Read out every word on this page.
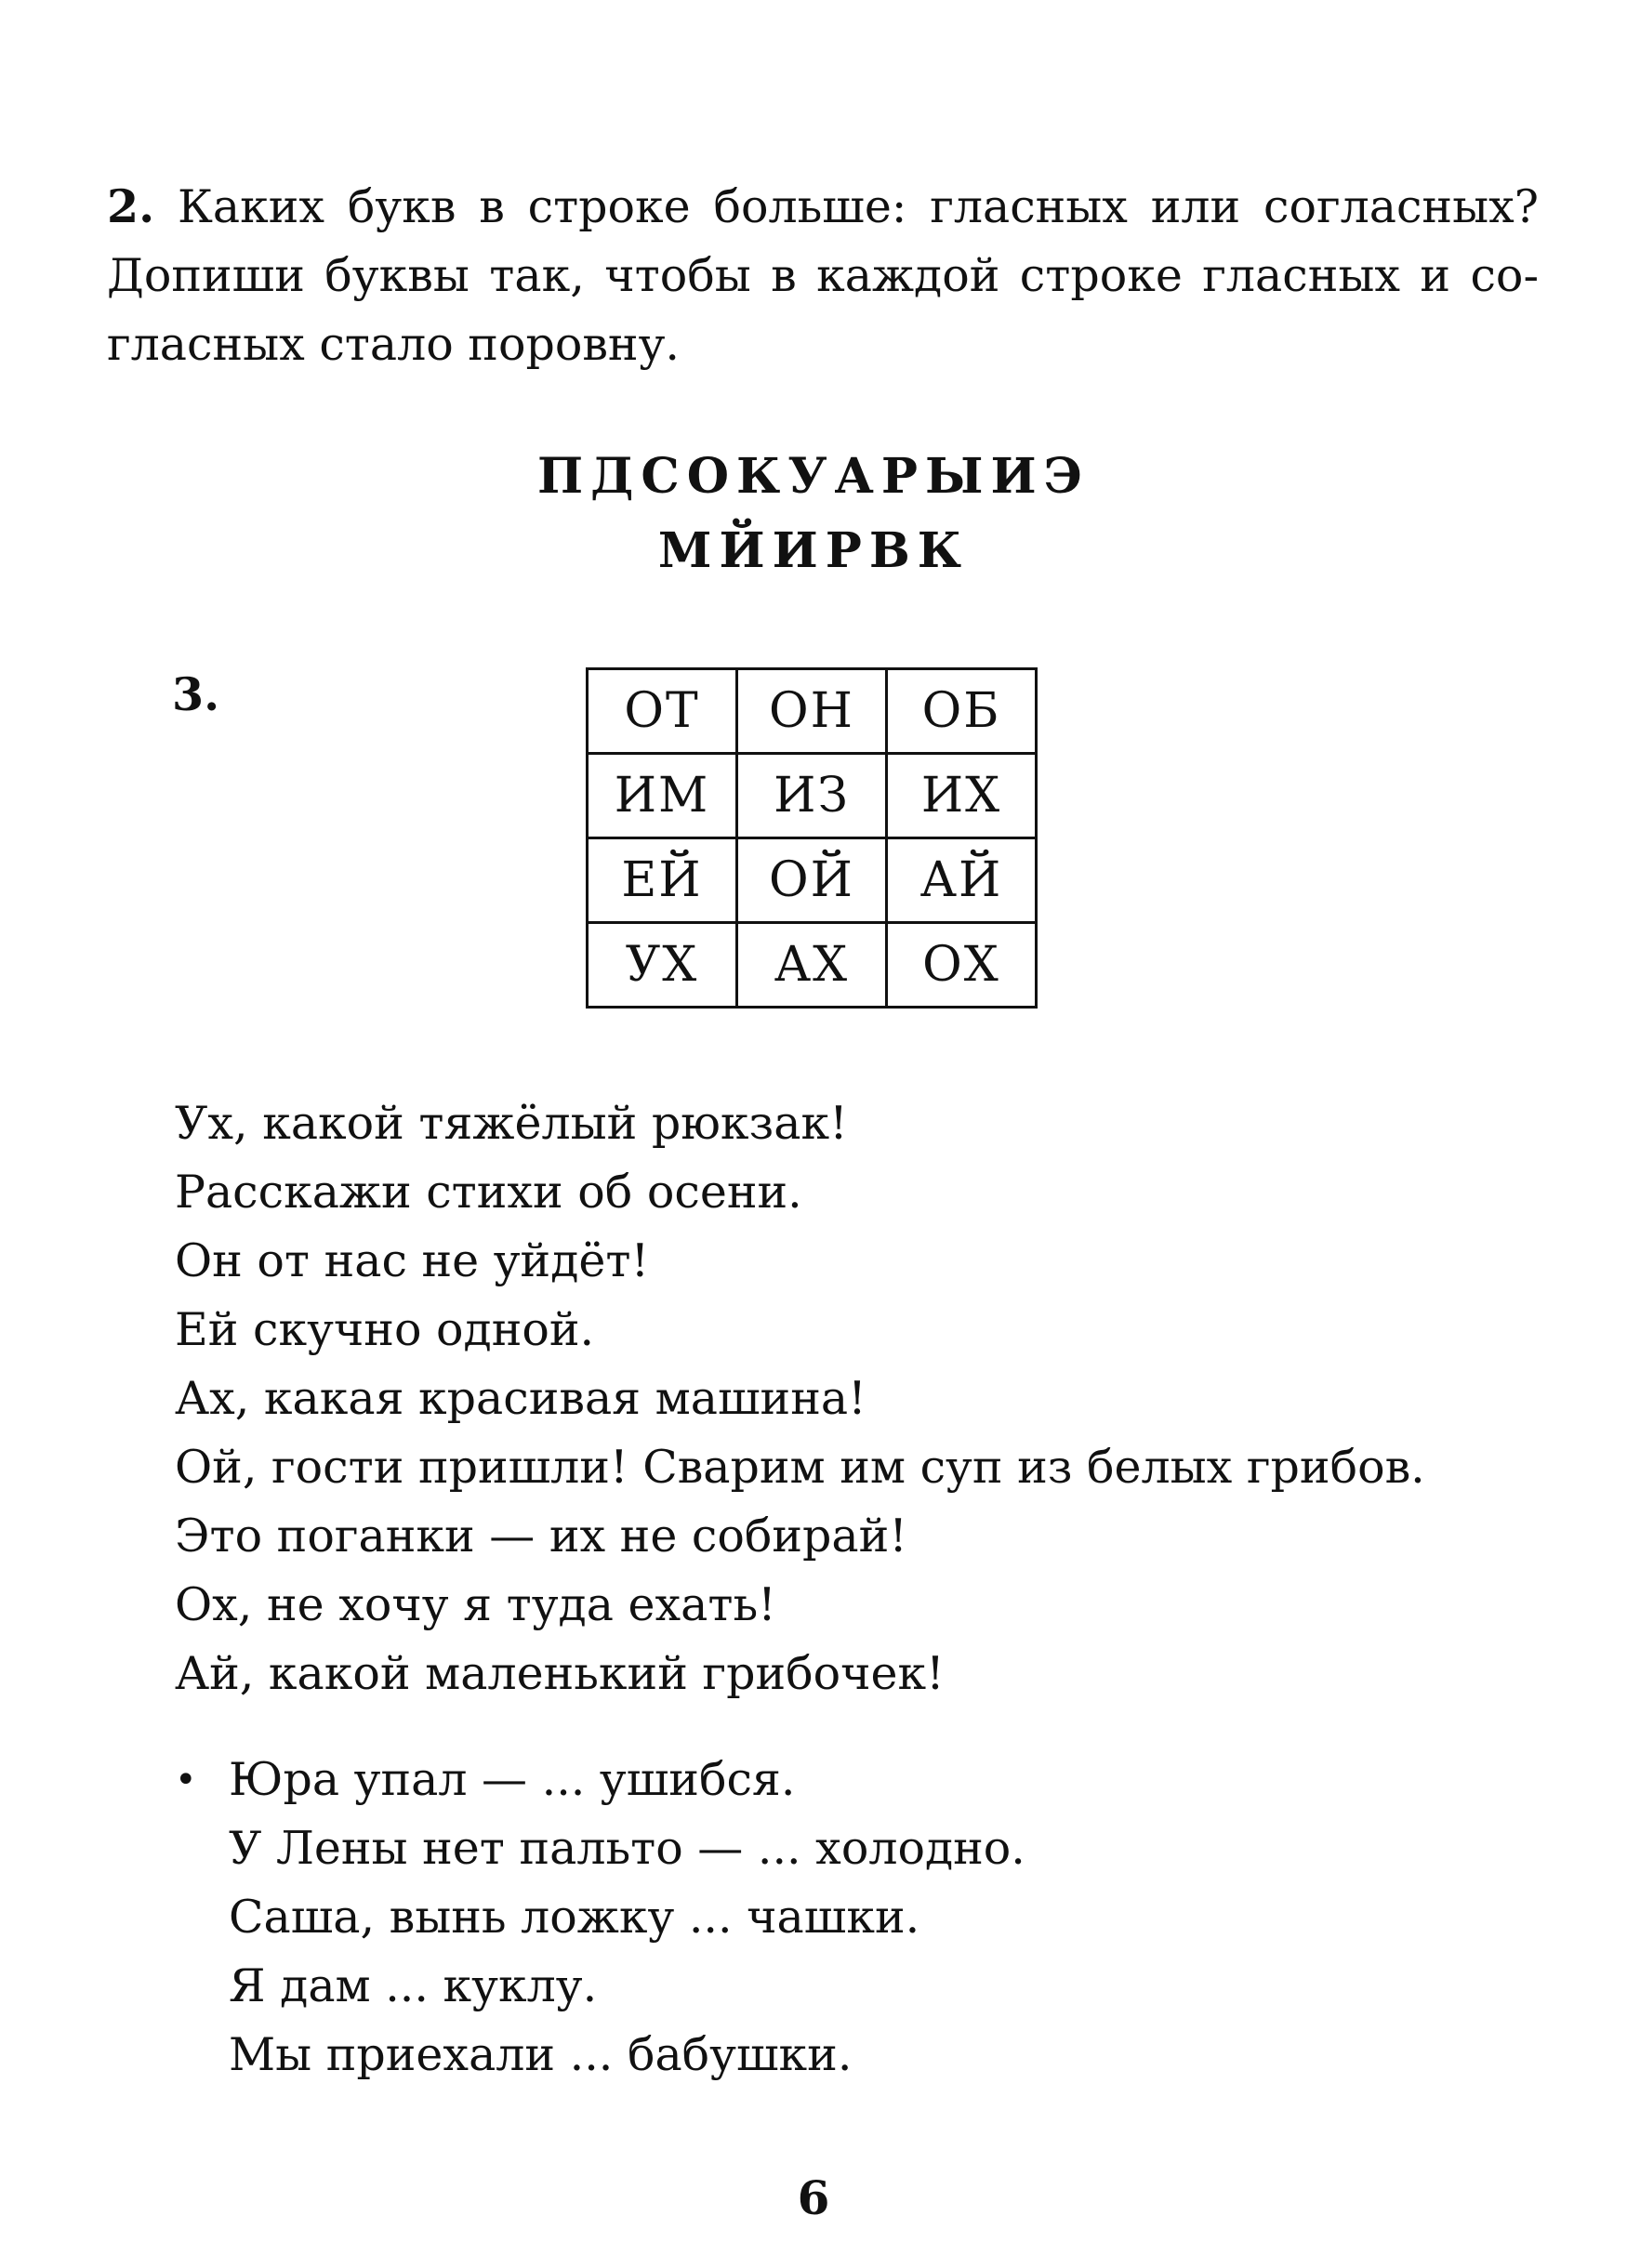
2. Каких букв в строке больше: гласных или согласных? Допиши буквы так, чтобы в каждой строке гласных и согласных стало поровну.
ПДСОКУАРЫИЭ
МЙИРВК
3.	ОТ	ОН	ОБ
ИМ	ИЗ	ИХ
ЕЙ	ОЙ	АЙ
УХ	АХ	ОХ
Ух, какой тяжёлый рюкзак!
Расскажи стихи об осени.
Он от нас не уйдёт!
Ей скучно одной.
Ах, какая красивая машина!
Ой, гости пришли! Сварим им суп из белых грибов.
Это поганки — их не собирай!
Ох, не хочу я туда ехать!
Ай, какой маленький грибочек!
• Юра упал — ... ушибся.
У Лены нет пальто — ... холодно.
Саша, вынь ложку ... чашки.
Я дам ... куклу.
Мы приехали ... бабушки.
6
